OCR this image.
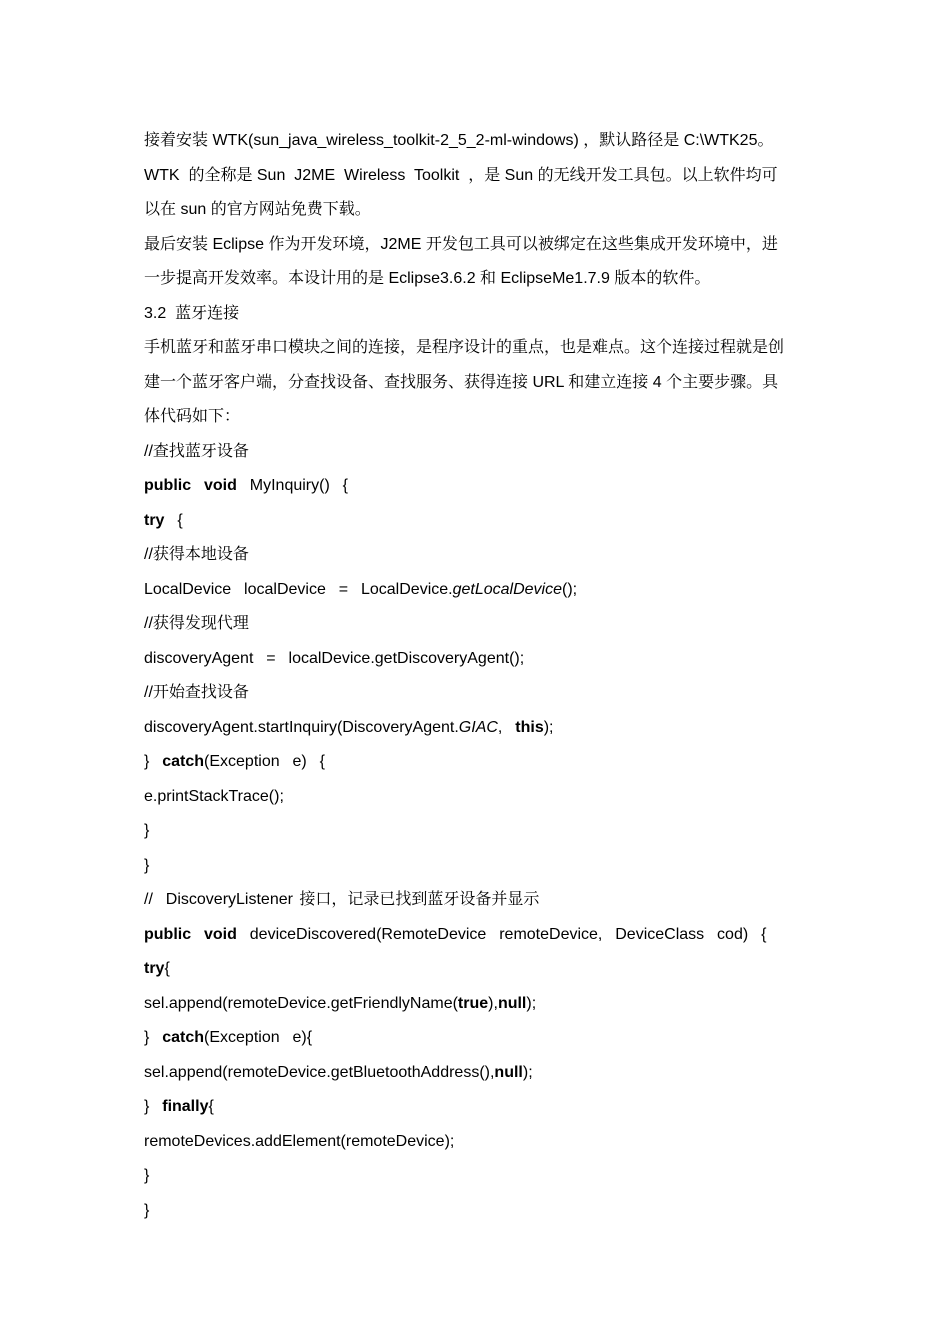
接着安装 WTK(sun_java_wireless_toolkit-2_5_2-ml-windows) ，默认路径是 C:\WTK25。
WTK  的全称是 Sun  J2ME  Wireless  Toolkit  ，是 Sun 的无线开发工具包。以上软件均可
以在 sun 的官方网站免费下载。
最后安装 Eclipse 作为开发环境，J2ME 开发包工具可以被绑定在这些集成开发环境中，进
一步提高开发效率。本设计用的是 Eclipse3.6.2 和 EclipseMe1.7.9 版本的软件。
3.2  蓝牙连接
手机蓝牙和蓝牙串口模块之间的连接，是程序设计的重点，也是难点。这个连接过程就是创
建一个蓝牙客户端，分查找设备、查找服务、获得连接 URL 和建立连接 4 个主要步骤。具
体代码如下：
//查找蓝牙设备
public  void  MyInquiry()  {
try  {
//获得本地设备
LocalDevice  localDevice  =  LocalDevice.getLocalDevice();
//获得发现代理
discoveryAgent  =  localDevice.getDiscoveryAgent();
//开始查找设备
discoveryAgent.startInquiry(DiscoveryAgent.GIAC,  this);
}  catch(Exception  e)  {
e.printStackTrace();
}
}
//  DiscoveryListener 接口，记录已找到蓝牙设备并显示
public  void  deviceDiscovered(RemoteDevice  remoteDevice,  DeviceClass  cod)  {
try{
sel.append(remoteDevice.getFriendlyName(true),null);
}  catch(Exception  e){
sel.append(remoteDevice.getBluetoothAddress(),null);
}  finally{
remoteDevices.addElement(remoteDevice);
}
}
